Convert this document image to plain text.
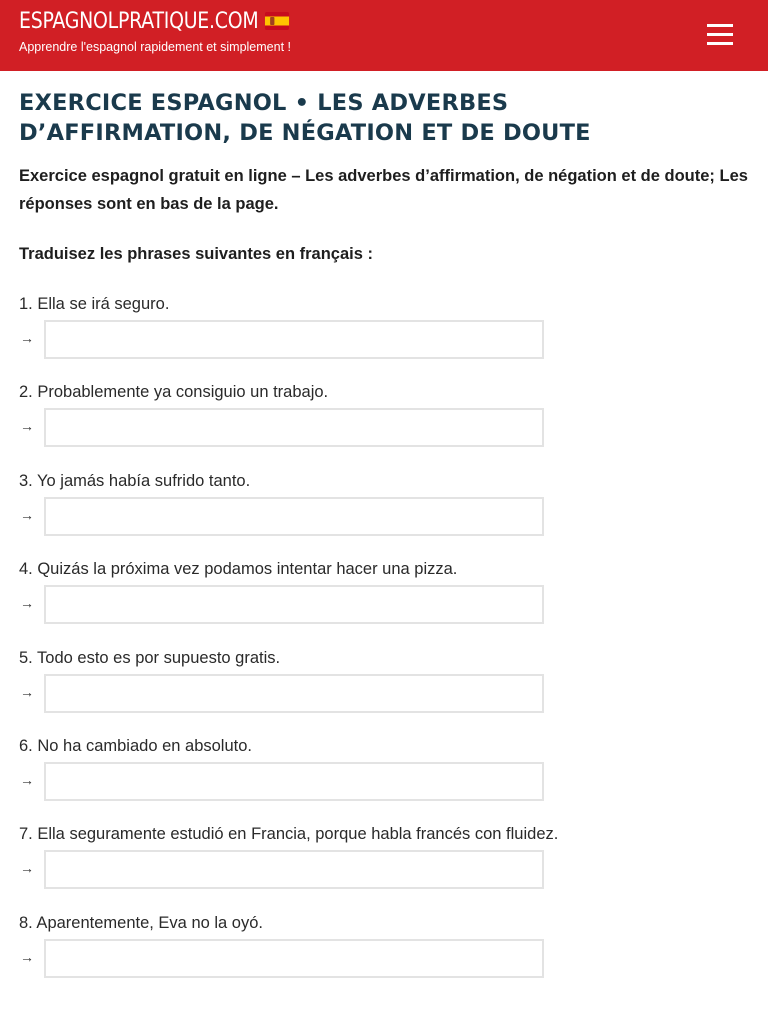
ESPAGNOLPRATIQUE.COM
Apprendre l'espagnol rapidement et simplement !
EXERCICE ESPAGNOL • LES ADVERBES D’AFFIRMATION, DE NÉGATION ET DE DOUTE

Exercice espagnol gratuit en ligne – Les adverbes d’affirmation, de négation et de doute; Les réponses sont en bas de la page.

Traduisez les phrases suivantes en français :

1. Ella se irá seguro.
→
2. Probablemente ya consiguio un trabajo.
→
3. Yo jamás había sufrido tanto.
→
4. Quizás la próxima vez podamos intentar hacer una pizza.
→
5. Todo esto es por supuesto gratis.
→
6. No ha cambiado en absoluto.
→
7. Ella seguramente estudió en Francia, porque habla francés con fluidez.
→
8. Aparentemente, Eva no la oyó.
→
